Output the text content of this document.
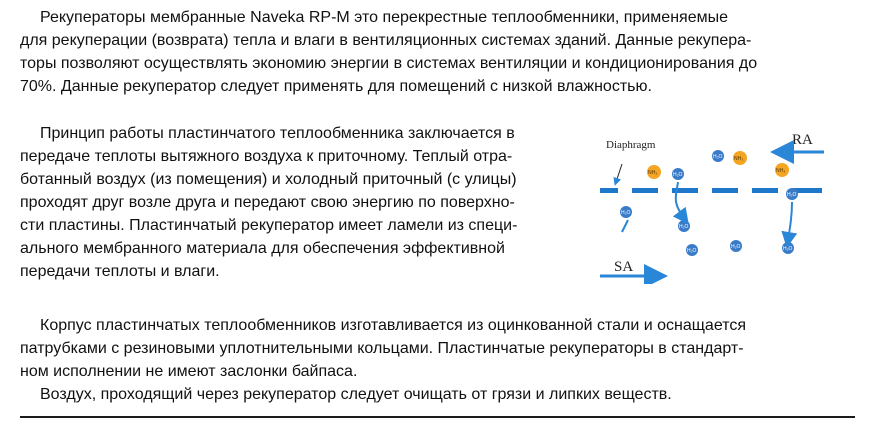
Рекуператоры мембранные Naveka RP-M это перекрестные теплообменники, применяемые
для рекуперации (возврата) тепла и влаги в вентиляционных системах зданий. Данные рекупера-
торы позволяют осуществлять экономию энергии в системах вентиляции и кондиционирования до
70%. Данные рекуператор следует применять для помещений с низкой влажностью.

Принцип работы пластинчатого теплообменника заключается в
передаче теплоты вытяжного воздуха к приточному. Теплый отра-
ботанный воздух (из помещения) и холодный приточный (с улицы)
проходят друг возле друга и передают свою энергию по поверхно-
сти пластины. Пластинчатый рекуператор имеет ламели из специ-
ального мембранного материала для обеспечения эффективной
передачи теплоты и влаги.

Корпус пластинчатых теплообменников изготавливается из оцинкованной стали и оснащается
патрубками с резиновыми уплотнительными кольцами. Пластинчатые рекуператоры в стандарт-
ном исполнении не имеют заслонки байпаса.

Воздух, проходящий через рекуператор следует очищать от грязи и липких веществ.

Diaphragm	RA
SA
NH₃	H₂O
H₂O NH₃
NH₃
H₂O
H₂O
H₂O
H₂O
H₂O	H₂O
